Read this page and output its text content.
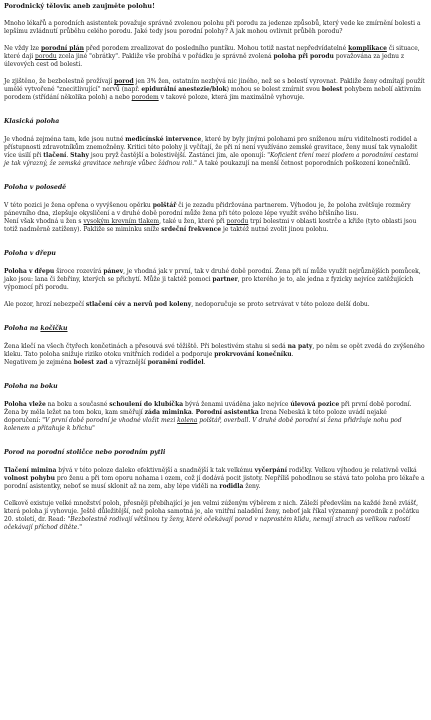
Porodnický těloviк aneb zaujměte polohu!

Mnoho lékařů a porodních asistentek považuje správně zvolenou polohu při porodu za jedenze způsobů, který vede ke zmírnění bolesti a lepšímu zvládnutí průběhu celého porodu. Jaké tedy jsou porodní polohy? A jak mohou ovlivnit průběh porodu?

Ne vždy lze porodní plán před porodem zrealizovat do posledního puntíku. Mohou totiž nastat nepředvídatelné komplikace či situace, které daji porodu zcela jiné "obrátky". Pakliže vše probíhá v pořádku je správně zvolená poloha při porodu považována za jednu z úlevových cest od bolesti.

Je zjištěno, že bezbolestně prožívají porod jen 3% žen, ostatním nezbývá nic jiného, než se s bolestí vyrovnat. Pakliže ženy odmítají použít umělé vytvořené "znecitlivující" nervů (např. epidurální anestezie/blok) mohou se bolest zmírnit svou bolest pohybem nebolí aktivním porodem (střídání několika poloh) a nebo porodem v takové poloze, která jim maximálně vyhovuje.

Klasická poloha

Je vhodná zejména tam, kde jsou nutné medicínské intervence, které by byly jinými polohami pro sníženou míru viditelnosti rodidel a přístupnosti zdravotníkům znemožněny. Kritici této polohy ji vyčítají, že při ní není využíváno zemské gravitace, ženy musí tak vynaložit více úsilí při tlačení. Stahy jsou pryž častější a bolestivější. Zastánci jim, ale oponují: "Koficient tření mezi plodem a porodními cestami je tak výrazný, že zemská gravitace nehraje vůbec žádnou roli." A také poukazují na menší četnost poporodních poškození konečníků.

Poloha v polosedě

V této pozici je žena opřena o vyvýšenou opěrku polštář či je zezadu přidržována partnerem. Výhodou je, že poloha zvětšuje rozměry pánevního dna, zlepšuje okysličení a v druhé době porodní může žena při této poloze lépe využít svého břišního lisu.

Není však vhodná u žen s vysokým krevním tlakem, také u žen, které při porodu trpí bolestmi v oblasti kostrče a křiže (tyto oblasti jsou totiž nadměrně zatíženy). Pakliže se miminku sníže srdeční frekvence je taktéž nutné zvolit jinou polohu.

Poloha v dřepu

Poloha v dřepu široce rozevírá pánev, je vhodná jak v první, tak v druhé době porodní. Žena při ní může využít nejrůznějších pomůcek, jako jsou: lana či žebřiny, kterých se přichytí. Může ji taktéž pomoci partner, pro kterého je to, ale jedna z fyzicky nejvíce zatěžujících výpomocí při porodu.

Ale pozor, hrozí nebezpečí stlačení cév a nervů pod koleny, nedoporučuje se proto setrvávat v této poloze delší dobu.

Poloha na kočičku

Žena klečí na všech čtyřech končetinách a přesouvá své těžiště. Při bolestivém stahu si sedá na paty, po něm se opět zvedá do zvýšeného kleku. Tato poloha snižuje riziko otoku vnitřních rodidel a podporuje prokrvování konečníku.

Negativem je zejména bolest zad a výraznější poranění rodidel.

Poloha na boku

Poloha vleže na boku a současné schoulení do klubíčka bývá ženami uváděna jako nejvíce úlevová pozice při první době porodní. Žena by měla ležet na tom boku, kam směřují záda miminka. Porodní asistentka Irena Nebeská k této poloze uvádí nejaké doporučení: "V první době porodní je vhodné vložit mezi kolena polštář, overball. V druhé době porodní si žena přidržuje nohu pod kolenem a přitahuje k břichu"

Porod na porodní stoličce nebo porodním pytli

Tlačení mimina bývá v této poloze daleko efektivnější a snadnější k tak velkému vyčerpání rodičky. Velkou výhodou je relativně velká volnost pohybu pro ženu a při tom oporu nohama i ozem, což jí dodává pocit jistoty. Nepříliš pohodlnou se stává tato poloha pro lékaře a porodní asistentky, neboť se musí sklonit až na zem, aby lépe viděli na rodidla ženy.

Celkově existuje velké množství poloh, přesněji přebíhající je jen velmi zúženým výběrem z nich. Záleží především na každé ženě zvlášť, která poloha jí vyhovuje. Ještě důležitější, než poloha samotná je, ale vnitřní naladění ženy, neboť jak říkal významný porodník z počátku 20. století, dr. Read: "Bezbolestně rodivají většinou ty ženy, které očekávají porod v naprostém klidu, nemají strach as velikou radostí očekávají příchod dítěte."
